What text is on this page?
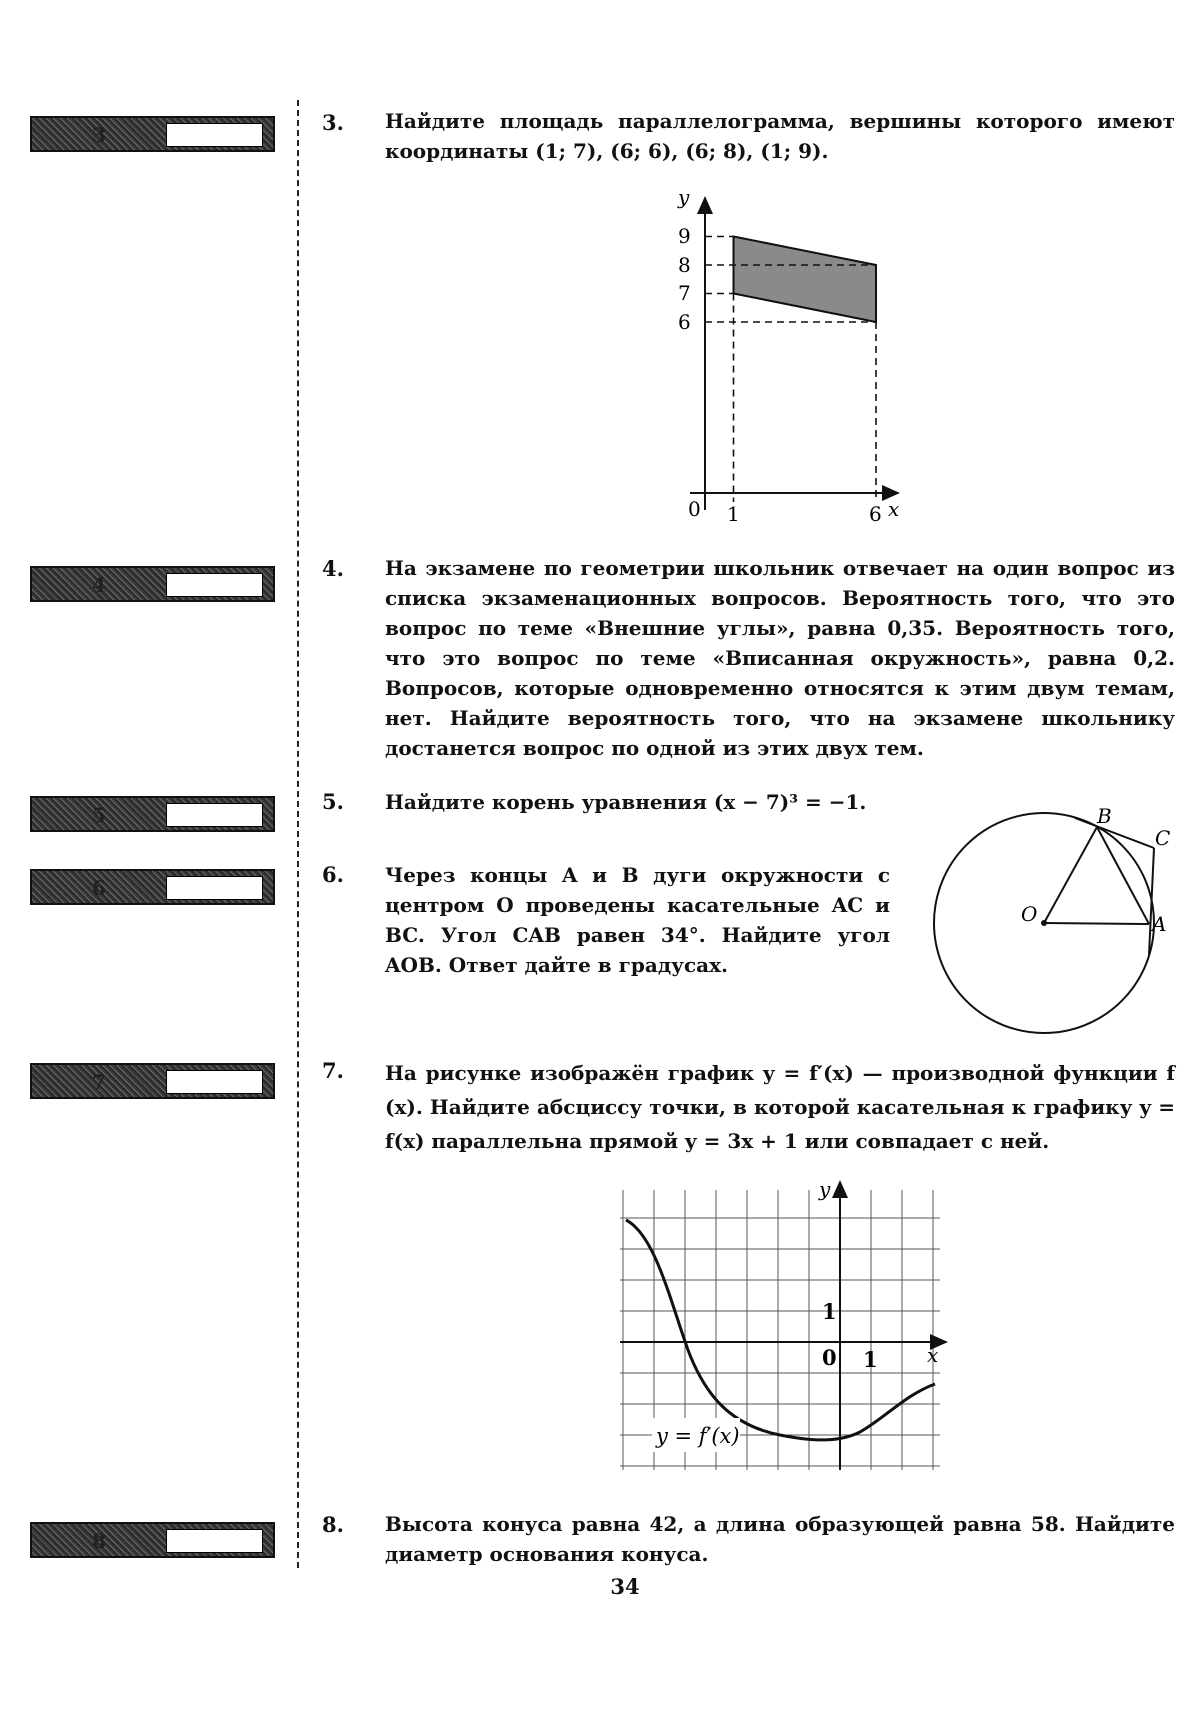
3
4
5
6
7
8
3. Найдите площадь параллелограмма, вершины которого имеют координаты (1; 7), (6; 6), (6; 8), (1; 9).
y
x
0 1	6
6
7
8
9
4. На экзамене по геометрии школьник отвечает на один вопрос из списка экзаменационных вопросов. Вероятность того, что это вопрос по теме «Внешние углы», равна 0,35. Вероятность того, что это вопрос по теме «Вписанная окружность», равна 0,2. Вопросов, которые одновременно относятся к этим двум темам, нет. Найдите вероятность того, что на экзамене школьнику достанется вопрос по одной из этих двух тем.
5. Найдите корень уравнения (x − 7)³ = −1.
6. Через концы A и B дуги окружности с центром O проведены касательные AC и BC. Угол CAB равен 34°. Найдите угол AOB. Ответ дайте в градусах.
B
C
O	A
7. На рисунке изображён график y = f′(x) — производной функции f (x). Найдите абсциссу точки, в которой касательная к графику y = f(x) параллельна прямой y = 3x + 1 или совпадает с ней.
y = f′(x)
y
x
0 1
1
8. Высота конуса равна 42, а длина образующей равна 58. Найдите диаметр основания конуса.
34
